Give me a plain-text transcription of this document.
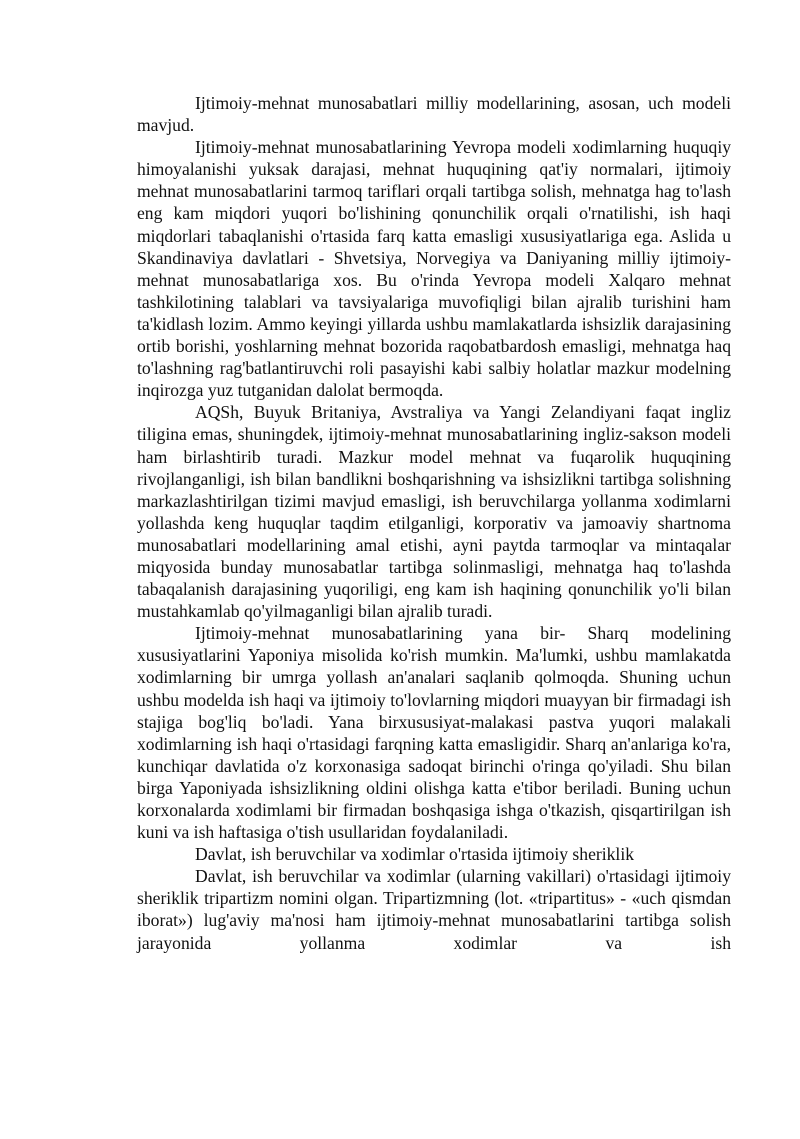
Ijtimoiy-mehnat munosabatlari milliy modellarining, asosan, uch modeli mavjud.

Ijtimoiy-mehnat munosabatlarining Yevropa modeli xodimlarning huquqiy himoyalanishi yuksak darajasi, mehnat huquqining qat'iy normalari, ijtimoiy mehnat munosabatlarini tarmoq tariflari orqali tartibga solish, mehnatga hag to'lash eng kam miqdori yuqori bo'lishining qonunchilik orqali o'rnatilishi, ish haqi miqdorlari tabaqlanishi o'rtasida farq katta emasligi xususiyatlariga ega. Aslida u Skandinaviya davlatlari - Shvetsiya, Norvegiya va Daniyaning milliy ijtimoiy-mehnat munosabatlariga xos. Bu o'rinda Yevropa modeli Xalqaro mehnat tashkilotining talablari va tavsiyalariga muvofiqligi bilan ajralib turishini ham ta'kidlash lozim. Ammo keyingi yillarda ushbu mamlakatlarda ishsizlik darajasining ortib borishi, yoshlarning mehnat bozorida raqobatbardosh emasligi, mehnatga haq to'lashning rag'batlantiruvchi roli pasayishi kabi salbiy holatlar mazkur modelning inqirozga yuz tutganidan dalolat bermoqda.

AQSh, Buyuk Britaniya, Avstraliya va Yangi Zelandiyani faqat ingliz tiligina emas, shuningdek, ijtimoiy-mehnat munosabatlarining ingliz-sakson modeli ham birlashtirib turadi. Mazkur model mehnat va fuqarolik huquqining rivojlanganligi, ish bilan bandlikni boshqarishning va ishsizlikni tartibga solishning markazlashtirilgan tizimi mavjud emasligi, ish beruvchilarga yollanma xodimlarni yollashda keng huquqlar taqdim etilganligi, korporativ va jamoaviy shartnoma munosabatlari modellarining amal etishi, ayni paytda tarmoqlar va mintaqalar miqyosida bunday munosabatlar tartibga solinmasligi, mehnatga haq to'lashda tabaqalanish darajasining yuqoriligi, eng kam ish haqining qonunchilik yo'li bilan mustahkamlab qo'yilmaganligi bilan ajralib turadi.

Ijtimoiy-mehnat munosabatlarining yana bir- Sharq modelining xususiyatlarini Yaponiya misolida ko'rish mumkin. Ma'lumki, ushbu mamlakatda xodimlarning bir umrga yollash an'analari saqlanib qolmoqda. Shuning uchun ushbu modelda ish haqi va ijtimoiy to'lovlarning miqdori muayyan bir firmadagi ish stajiga bog'liq bo'ladi. Yana birxususiyat-malakasi pastva yuqori malakali xodimlarning ish haqi o'rtasidagi farqning katta emasligidir. Sharq an'anlariga ko'ra, kunchiqar davlatida o'z korxonasiga sadoqat birinchi o'ringa qo'yiladi. Shu bilan birga Yaponiyada ishsizlikning oldini olishga katta e'tibor beriladi. Buning uchun korxonalarda xodimlami bir firmadan boshqasiga ishga o'tkazish, qisqartirilgan ish kuni va ish haftasiga o'tish usullaridan foydalaniladi.

Davlat, ish beruvchilar va xodimlar o'rtasida ijtimoiy sheriklik

Davlat, ish beruvchilar va xodimlar (ularning vakillari) o'rtasidagi ijtimoiy sheriklik tripartizm nomini olgan. Tripartizmning (lot. «tripartitus» - «uch qismdan iborat») lug'aviy ma'nosi ham ijtimoiy-mehnat munosabatlarini tartibga solish jarayonida yollanma xodimlar va ish
